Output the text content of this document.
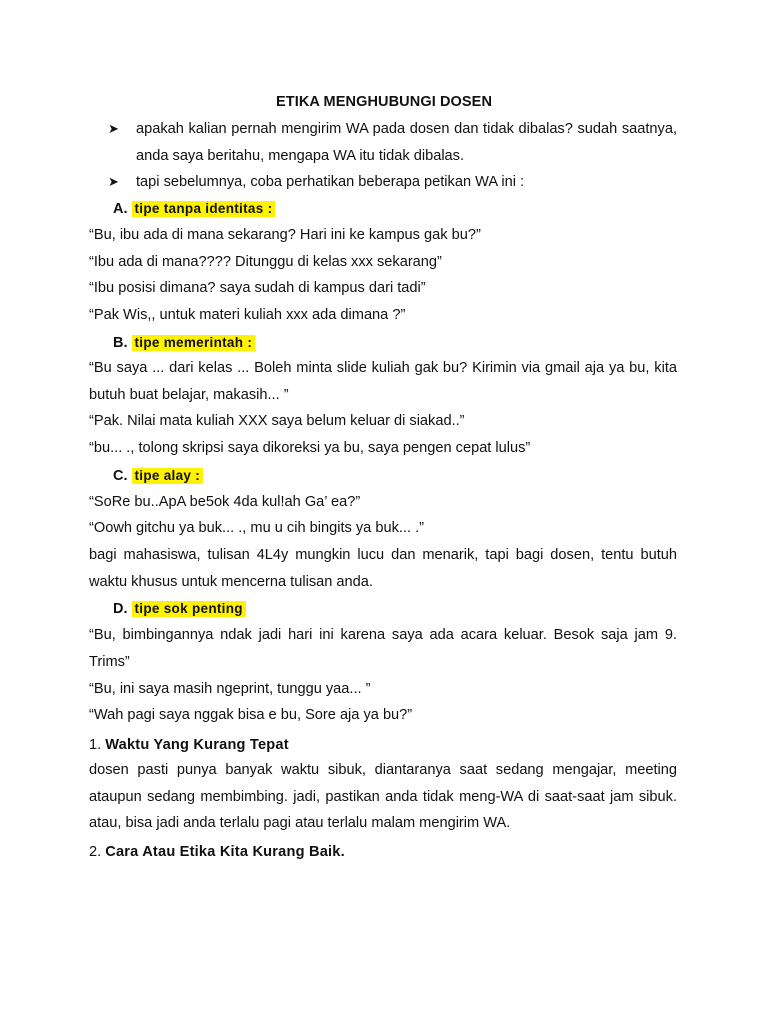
ETIKA MENGHUBUNGI DOSEN
➤	apakah kalian pernah mengirim WA pada dosen dan tidak dibalas? sudah saatnya, anda saya beritahu, mengapa WA itu tidak dibalas.
➤	tapi sebelumnya, coba perhatikan beberapa petikan WA ini :
A. tipe tanpa identitas :
“Bu, ibu ada di mana sekarang? Hari ini ke kampus gak bu?”
“Ibu ada di mana???? Ditunggu di kelas xxx sekarang”
“Ibu posisi dimana? saya sudah di kampus dari tadi”
“Pak Wis,, untuk materi kuliah xxx ada dimana ?”
B. tipe memerintah :
“Bu saya ... dari kelas ... Boleh minta slide kuliah gak bu? Kirimin via gmail aja ya bu, kita butuh buat belajar, makasih... ”
“Pak. Nilai mata kuliah XXX saya belum keluar di siakad..”
“bu... ., tolong skripsi saya dikoreksi ya bu, saya pengen cepat lulus”
C. tipe alay :
“SoRe bu..ApA be5ok 4da kul!ah Ga’ ea?”
“Oowh gitchu ya buk... ., mu u cih bingits ya buk... .”
bagi mahasiswa, tulisan 4L4y mungkin lucu dan menarik, tapi bagi dosen, tentu butuh waktu khusus untuk mencerna tulisan anda.
D. tipe sok penting
“Bu, bimbingannya ndak jadi hari ini karena saya ada acara keluar. Besok saja jam 9. Trims”
“Bu, ini saya masih ngeprint, tunggu yaa... ”
“Wah pagi saya nggak bisa e bu, Sore aja ya bu?”
1. Waktu Yang Kurang Tepat
dosen pasti punya banyak waktu sibuk, diantaranya saat sedang mengajar, meeting ataupun sedang membimbing. jadi, pastikan anda tidak meng-WA di saat-saat jam sibuk. atau, bisa jadi anda terlalu pagi atau terlalu malam mengirim WA.
2. Cara Atau Etika Kita Kurang Baik.
